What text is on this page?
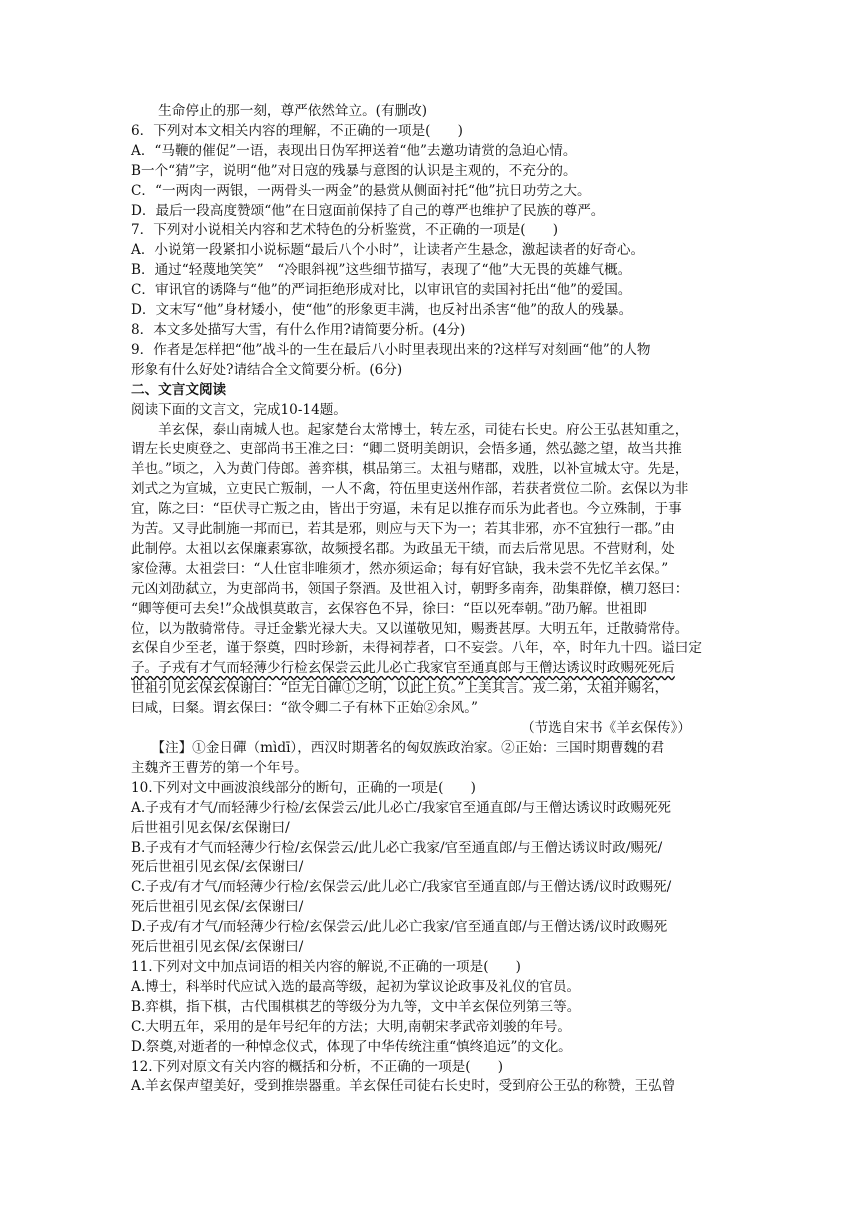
　　生命停止的那一刻，尊严依然耸立。(有删改)
6．下列对本文相关内容的理解，不正确的一项是(　　)
A．“马鞭的催促”一语，表现出日伪军押送着“他”去邀功请赏的急迫心情。
B一个“猜”字，说明“他”对日寇的残暴与意图的认识是主观的，不充分的。
C．“一两肉一两银，一两骨头一两金”的悬赏从侧面衬托“他”抗日功劳之大。
D．最后一段高度赞颂“他”在日寇面前保持了自己的尊严也维护了民族的尊严。
7．下列对小说相关内容和艺术特色的分析鉴赏，不正确的一项是(　　)
A．小说第一段紧扣小说标题“最后八个小时”，让读者产生悬念，激起读者的好奇心。
B．通过“轻蔑地笑笑”　“冷眼斜视”这些细节描写，表现了“他”大无畏的英雄气概。
C．审讯官的诱降与“他”的严词拒绝形成对比，以审讯官的卖国衬托出“他”的爱国。
D．文末写“他”身材矮小，使“他”的形象更丰满，也反衬出杀害“他”的敌人的残暴。
8．本文多处描写大雪，有什么作用?请简要分析。(4分)
9．作者是怎样把“他”战斗的一生在最后八小时里表现出来的?这样写对刻画“他”的人物
形象有什么好处?请结合全文简要分析。(6分)
二、文言文阅读
阅读下面的文言文，完成10-14题。
　　羊玄保，泰山南城人也。起家楚台太常博士，转左丞，司徒右长史。府公王弘甚知重之，
谓左长史庾登之、吏部尚书王准之曰：“卿二贤明美朗识，会悟多通，然弘懿之望，故当共推
羊也。”顷之，入为黄门侍郎。善弈棋，棋品第三。太祖与赌郡，戏胜，以补宣城太守。先是，
刘式之为宣城，立吏民亡叛制，一人不禽，符伍里吏送州作部，若获者赏位二阶。玄保以为非
宜，陈之曰：“臣伏寻亡叛之由，皆出于穷逼，未有足以推存而乐为此者也。今立殊制，于事
为苦。又寻此制施一邦而已，若其是邪，则应与天下为一；若其非邪，亦不宜独行一郡。”由
此制停。太祖以玄保廉素寡欲，故频授名郡。为政虽无干绩，而去后常见思。不营财利，处
家俭薄。太祖尝曰：“人仕宦非唯须才，然亦须运命；每有好官缺，我未尝不先忆羊玄保。”
元凶刘劭弑立，为吏部尚书，领国子祭酒。及世祖入讨，朝野多南奔，劭集群僚，横刀怒曰：
“卿等便可去矣!”众战惧莫敢言，玄保容色不异，徐曰：“臣以死奉朝。”劭乃解。世祖即
位，以为散骑常侍。寻迁金紫光禄大夫。又以谨敬见知，赐赉甚厚。大明五年，迁散骑常侍。
玄保自少至老，谨于祭奠，四时珍新，未得祠荐者，口不妄尝。八年，卒，时年九十四。谥曰定
子。子戎有才气而轻薄少行检玄保尝云此儿必亡我家官至通真郎与王僧达诱议时政赐死死后
世祖引见玄保玄保谢曰：“臣无日磾①之明，以此上负。”上美其言。戎二弟，太祖并赐名，
曰咸，曰粲。谓玄保曰：“欲令卿二子有林下正始②余风。”
（节选自宋书《羊玄保传》）
　　【注】①金日磾（mìdī），西汉时期著名的匈奴族政治家。②正始：三国时期曹魏的君
主魏齐王曹芳的第一个年号。
10.下列对文中画波浪线部分的断句，正确的一项是(　　)
A.子戎有才气/而轻薄少行检/玄保尝云/此儿必亡/我家官至通直郎/与王僧达诱议时政赐死死
后世祖引见玄保/玄保谢曰/
B.子戎有才气而轻薄少行检/玄保尝云/此儿必亡我家/官至通直郎/与王僧达诱议时政/赐死/
死后世祖引见玄保/玄保谢曰/
C.子戎/有才气/而轻薄少行检/玄保尝云/此儿必亡/我家官至通直郎/与王僧达诱/议时政赐死/
死后世祖引见玄保/玄保谢曰/
D.子戎/有才气/而轻薄少行检/玄保尝云/此儿必亡我家/官至通直郎/与王僧达诱/议时政赐死
死后世祖引见玄保/玄保谢曰/
11.下列对文中加点词语的相关内容的解说,不正确的一项是(　　)
A.博士，科举时代应试入选的最高等级，起初为掌议论政事及礼仪的官员。
B.弈棋，指下棋，古代围棋棋艺的等级分为九等，文中羊玄保位列第三等。
C.大明五年，采用的是年号纪年的方法；大明,南朝宋孝武帝刘骏的年号。
D.祭奠,对逝者的一种悼念仪式，体现了中华传统注重“慎终追远”的文化。
12.下列对原文有关内容的概括和分析，不正确的一项是(　　)
A.羊玄保声望美好，受到推崇器重。羊玄保任司徒右长史时，受到府公王弘的称赞，王弘曾
